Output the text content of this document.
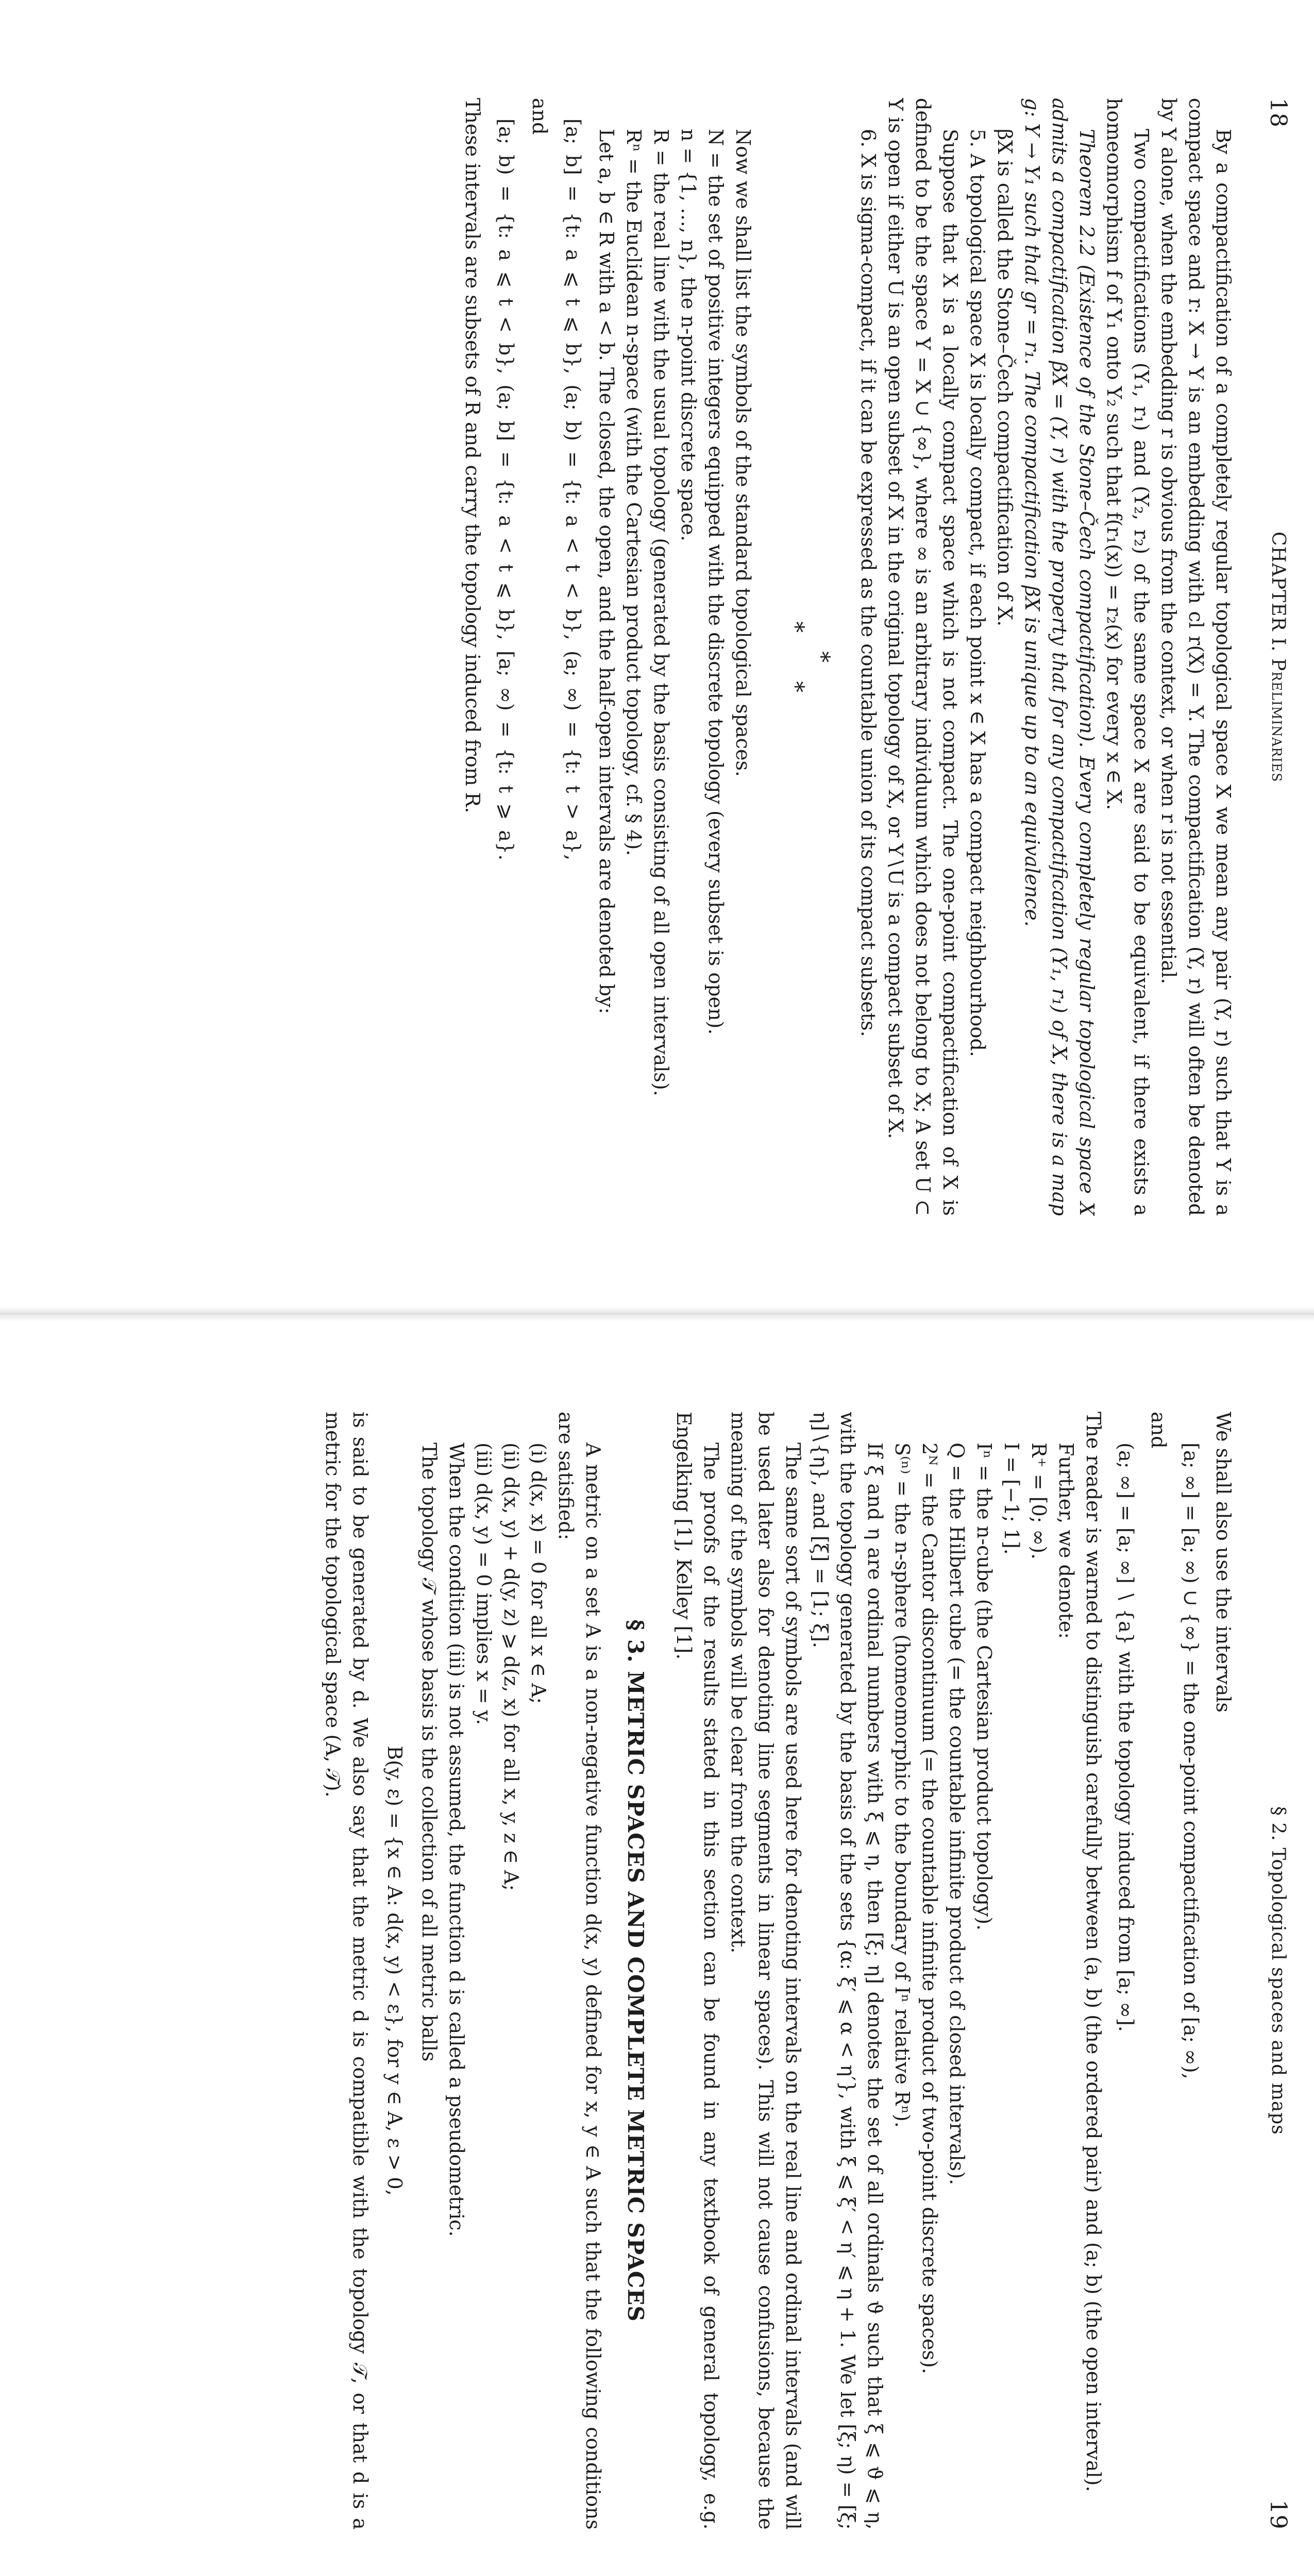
18
CHAPTER I. Preliminaries

By a compactification of a completely regular topological space X we mean any pair (Y, r) such that Y is a compact space and r: X → Y is an embedding with cl r(X) = Y. The compactification (Y, r) will often be denoted by Y alone, when the embedding r is obvious from the context, or when r is not essential.

Two compactifications (Y₁, r₁) and (Y₂, r₂) of the same space X are said to be equivalent, if there exists a homeomorphism f of Y₁ onto Y₂ such that f(r₁(x)) = r₂(x) for every x ∈ X.

Theorem 2.2 (Existence of the Stone–Čech compactification). Every completely regular topological space X admits a compactification βX = (Y, r) with the property that for any compactification (Y₁, r₁) of X, there is a map g: Y → Y₁ such that gr = r₁. The compactification βX is unique up to an equivalence.

βX is called the Stone–Čech compactification of X.

5. A topological space X is locally compact, if each point x ∈ X has a compact neighbourhood.

Suppose that X is a locally compact space which is not compact. The one-point compactification of X is defined to be the space Y = X ∪ {∞}, where ∞ is an arbitrary individuum which does not belong to X; A set U ⊂ Y is open if either U is an open subset of X in the original topology of X, or Y∖U is a compact subset of X.

6. X is sigma-compact, if it can be expressed as the countable union of its compact subsets.

*
* *

Now we shall list the symbols of the standard topological spaces.

N = the set of positive integers equipped with the discrete topology (every subset is open).

n = {1, …, n}, the n-point discrete space.

R = the real line with the usual topology (generated by the basis consisting of all open intervals).

Rⁿ = the Euclidean n-space (with the Cartesian product topology, cf. § 4).

Let a, b ∈ R with a < b. The closed, the open, and the half-open intervals are denoted by:

[a; b] = {t: a ⩽ t ⩽ b}, (a; b) = {t: a < t < b}, (a; ∞) = {t: t > a},

and

[a; b) = {t: a ⩽ t < b}, (a; b] = {t: a < t ⩽ b}, [a; ∞) = {t: t ⩾ a}.

These intervals are subsets of R and carry the topology induced from R.

§ 2. Topological spaces and maps
19

We shall also use the intervals

[a; ∞] = [a; ∞) ∪ {∞} = the one-point compactification of [a; ∞),

and

(a; ∞] = [a; ∞] ∖ {a} with the topology induced from [a; ∞].

The reader is warned to distinguish carefully between (a, b) (the ordered pair) and (a; b) (the open interval).

Further, we denote:

R⁺ = [0; ∞).

I = [−1; 1].

Iⁿ = the n-cube (the Cartesian product topology).

Q = the Hilbert cube (= the countable infinite product of closed intervals).

2ᴺ = the Cantor discontinuum (= the countable infinite product of two-point discrete spaces).

S⁽ⁿ⁾ = the n-sphere (homeomorphic to the boundary of Iⁿ relative Rⁿ).

If ξ and η are ordinal numbers with ξ ⩽ η, then [ξ; η] denotes the set of all ordinals ϑ such that ξ ⩽ ϑ ⩽ η, with the topology generated by the basis of the sets {α: ξ′ ⩽ α < η′}, with ξ ⩽ ξ′ < η′ ⩽ η + 1. We let [ξ; η) = [ξ; η]∖{η}, and [ξ] = [1; ξ].

The same sort of symbols are used here for denoting intervals on the real line and ordinal intervals (and will be used later also for denoting line segments in linear spaces). This will not cause confusions, because the meaning of the symbols will be clear from the context.

The proofs of the results stated in this section can be found in any textbook of general topology, e.g. Engelking [1], Kelley [1].

§ 3. METRIC SPACES AND COMPLETE METRIC SPACES

A metric on a set A is a non-negative function d(x, y) defined for x, y ∈ A such that the following conditions are satisfied:

(i) d(x, x) = 0 for all x ∈ A;

(ii) d(x, y) + d(y, z) ⩾ d(z, x) for all x, y, z ∈ A;

(iii) d(x, y) = 0 implies x = y.

When the condition (iii) is not assumed, the function d is called a pseudometric.

The topology 𝒯 whose basis is the collection of all metric balls

B(y, ε) = {x ∈ A: d(x, y) < ε}, for y ∈ A, ε > 0,

is said to be generated by d. We also say that the metric d is compatible with the topology 𝒯, or that d is a metric for the topological space (A, 𝒯).
